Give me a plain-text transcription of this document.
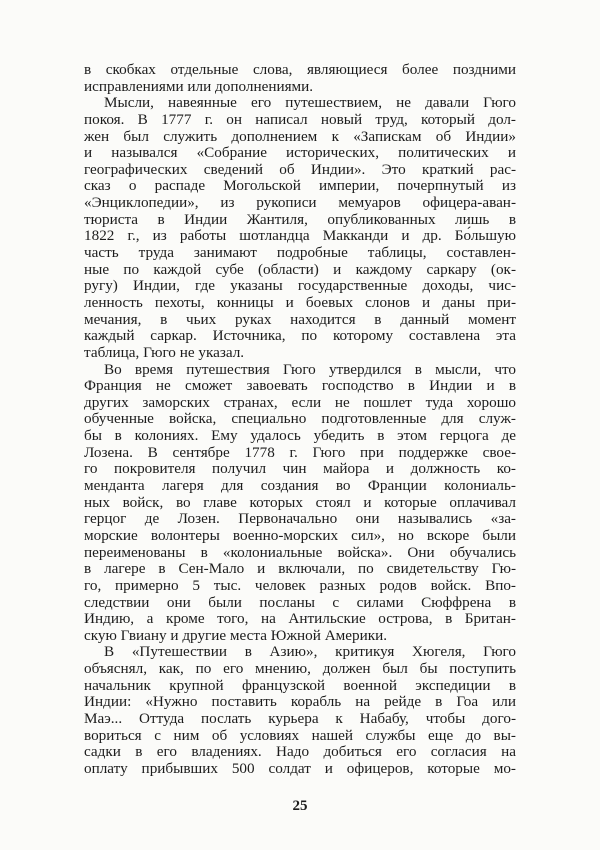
в скобках отдельные слова, являющиеся более поздними
исправлениями или дополнениями.
Мысли, навеянные его путешествием, не давали Гюго
покоя. В 1777 г. он написал новый труд, который дол-
жен был служить дополнением к «Запискам об Индии»
и назывался «Собрание исторических, политических и
географических сведений об Индии». Это краткий рас-
сказ о распаде Могольской империи, почерпнутый из
«Энциклопедии», из рукописи мемуаров офицера-аван-
тюриста в Индии Жантиля, опубликованных лишь в
1822 г., из работы шотландца Макканди и др. Бо́льшую
часть труда занимают подробные таблицы, составлен-
ные по каждой субе (области) и каждому саркару (ок-
ругу) Индии, где указаны государственные доходы, чис-
ленность пехоты, конницы и боевых слонов и даны при-
мечания, в чьих руках находится в данный момент
каждый саркар. Источника, по которому составлена эта
таблица, Гюго не указал.
Во время путешествия Гюго утвердился в мысли, что
Франция не сможет завоевать господство в Индии и в
других заморских странах, если не пошлет туда хорошо
обученные войска, специально подготовленные для служ-
бы в колониях. Ему удалось убедить в этом герцога де
Лозена. В сентябре 1778 г. Гюго при поддержке свое-
го покровителя получил чин майора и должность ко-
менданта лагеря для создания во Франции колониаль-
ных войск, во главе которых стоял и которые оплачивал
герцог де Лозен. Первоначально они назывались «за-
морские волонтеры военно-морских сил», но вскоре были
переименованы в «колониальные войска». Они обучались
в лагере в Сен-Мало и включали, по свидетельству Гю-
го, примерно 5 тыс. человек разных родов войск. Впо-
следствии они были посланы с силами Сюффрена в
Индию, а кроме того, на Антильские острова, в Британ-
скую Гвиану и другие места Южной Америки.
В «Путешествии в Азию», критикуя Хюгеля, Гюго
объяснял, как, по его мнению, должен был бы поступить
начальник крупной французской военной экспедиции в
Индии: «Нужно поставить корабль на рейде в Гоа или
Маэ... Оттуда послать курьера к Набабу, чтобы дого-
вориться с ним об условиях нашей службы еще до вы-
садки в его владениях. Надо добиться его согласия на
оплату прибывших 500 солдат и офицеров, которые мо-
25
